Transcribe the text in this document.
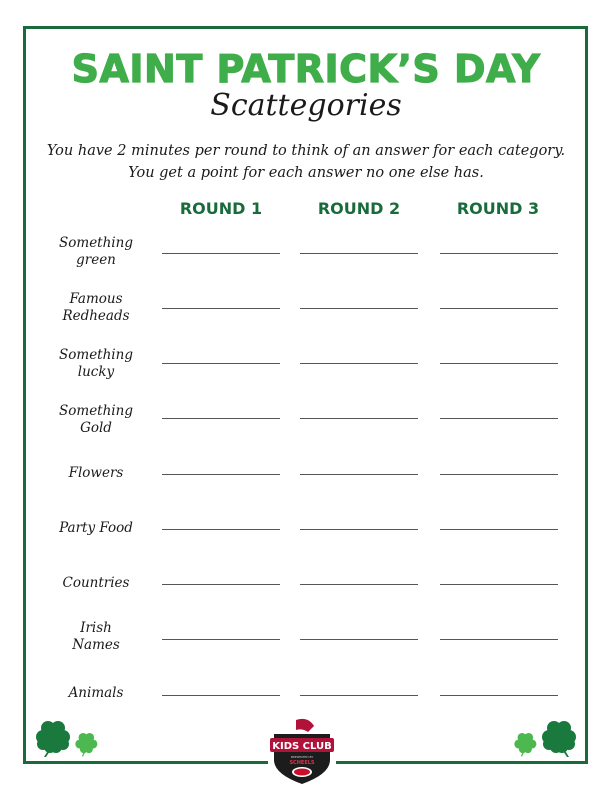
SAINT PATRICK’S DAY
Scattegories
You have 2 minutes per round to think of an answer for each category. You get a point for each answer no one else has.
ROUND 1	ROUND 2	ROUND 3
Something
green
Famous
Redheads
Something
lucky
Something
Gold
Flowers
Party Food
Countries
Irish
Names
Animals
KIDS CLUB
PRESENTED BY
SCHEELS
